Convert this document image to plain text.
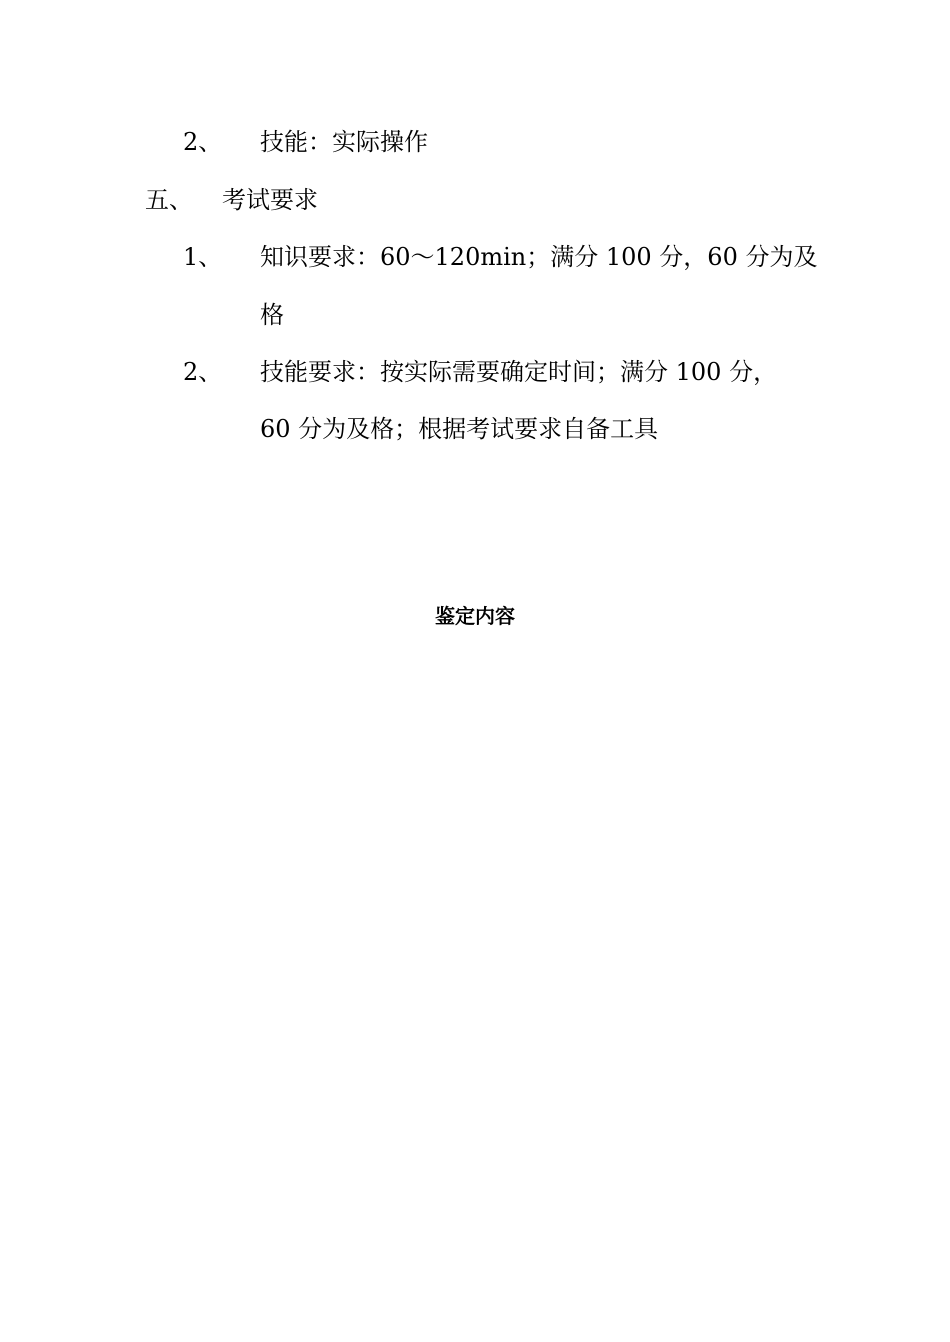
2、 技能：实际操作
五、 考试要求
1、 知识要求：60～120min；满分 100 分，60 分为及
格
2、 技能要求：按实际需要确定时间；满分 100 分，
60 分为及格；根据考试要求自备工具
鉴定内容
